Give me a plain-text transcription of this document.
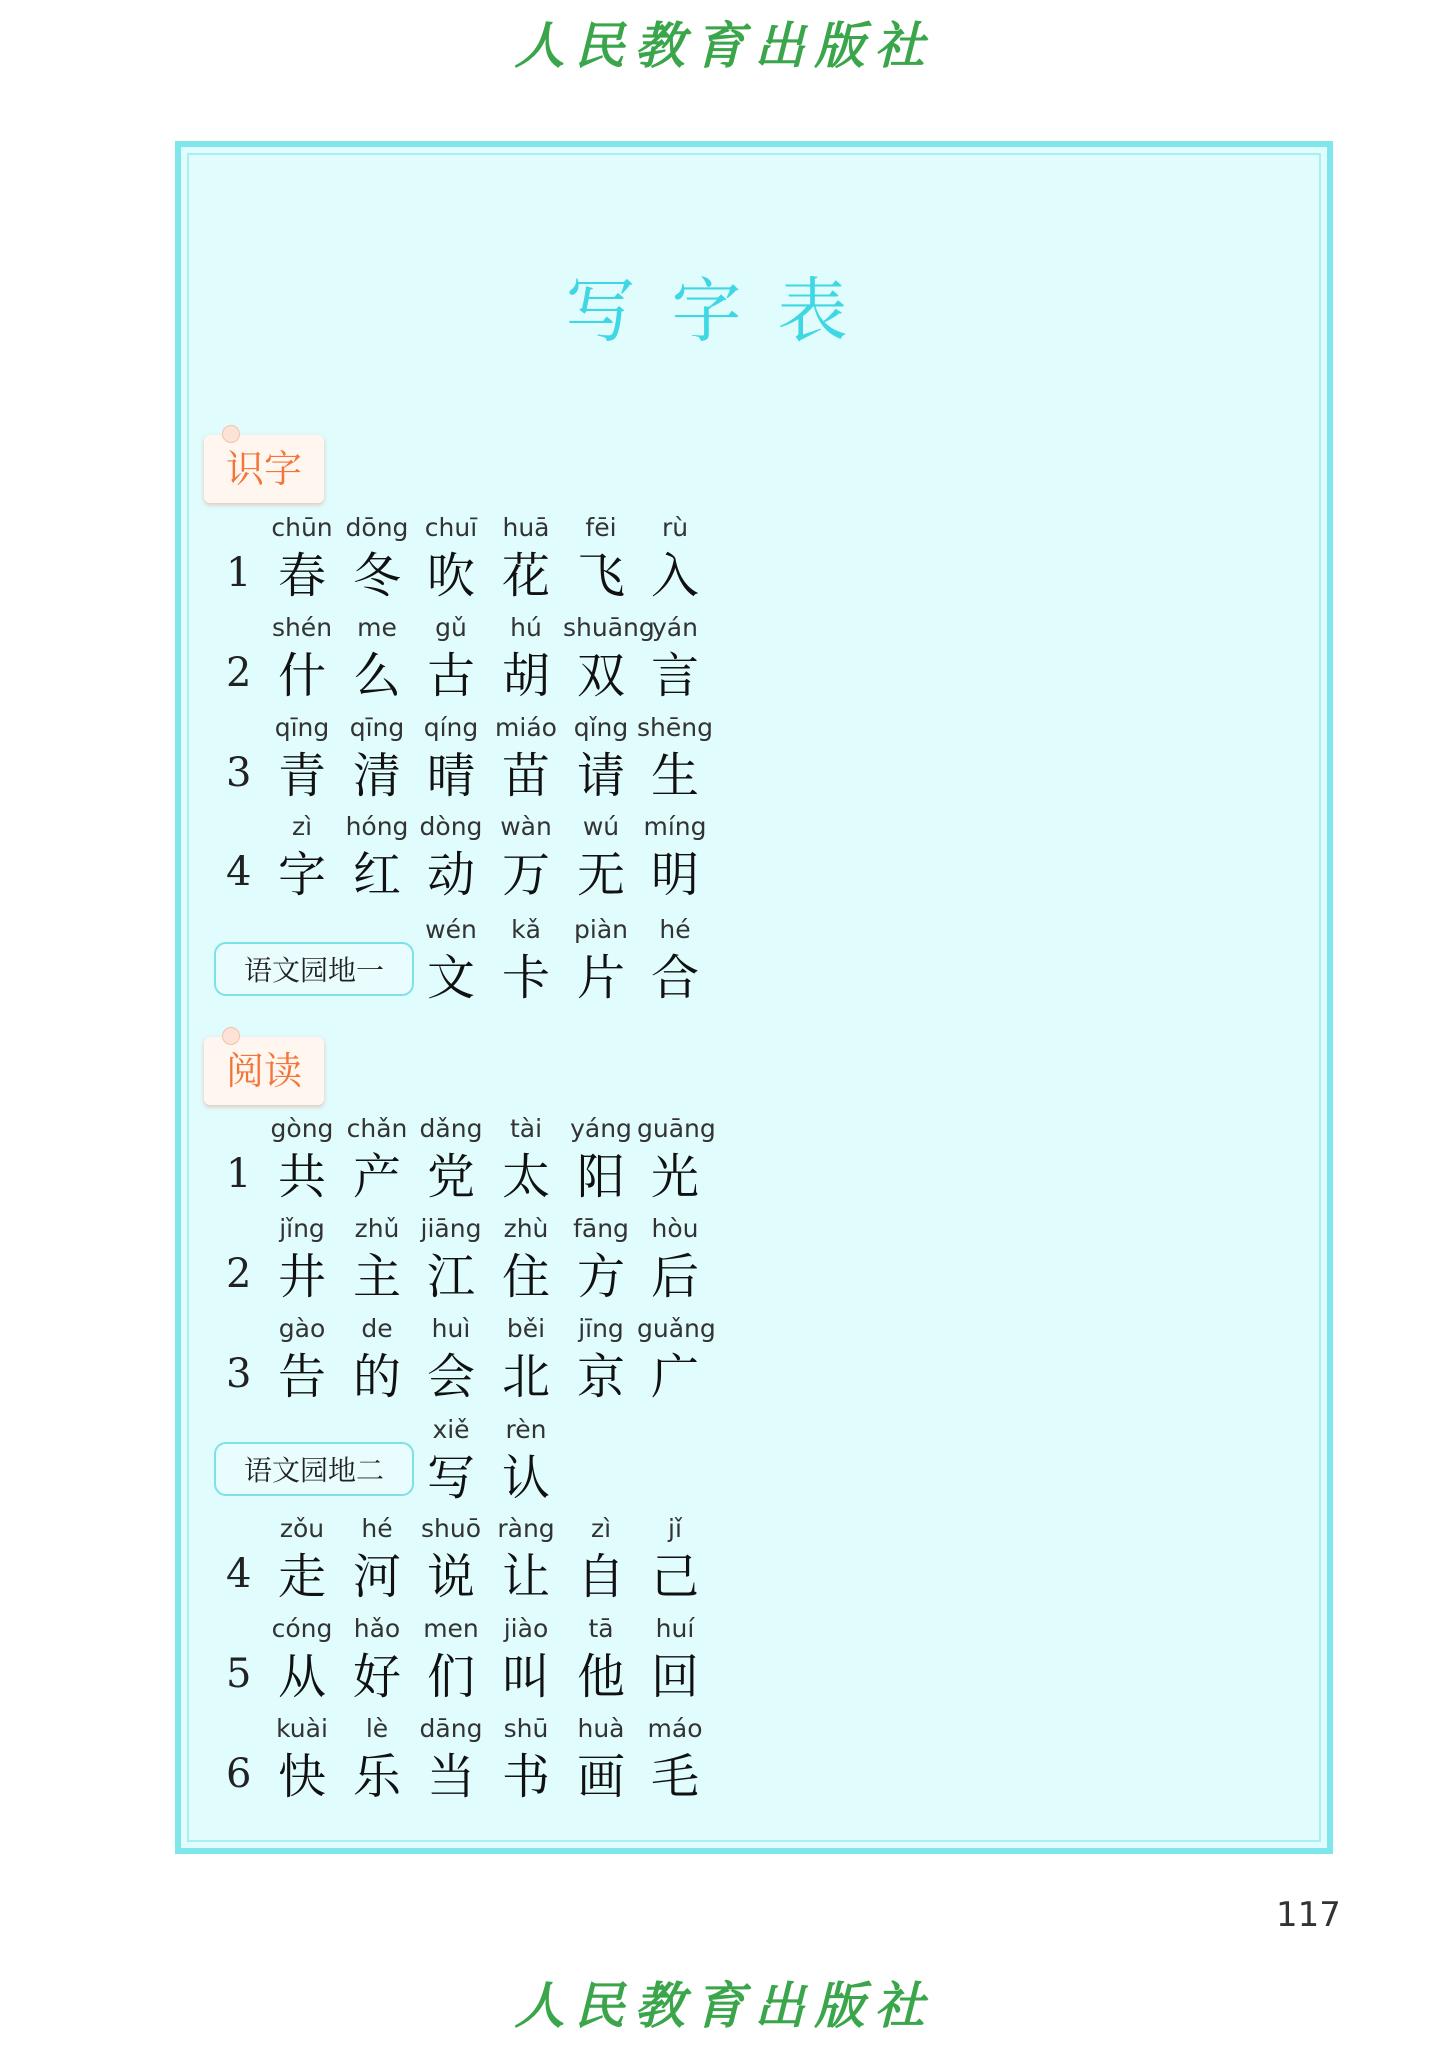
人民教育出版社
写字表
识字
1
chūn
春
dōng
冬
chuī
吹
huā
花
fēi
飞
rù
入
2
shén
什
me
么
gǔ
古
hú
胡
shuāng
双
yán
言
3
qīng
青
qīng
清
qíng
晴
miáo
苗
qǐng
请
shēng
生
4
zì
字
hóng
红
dòng
动
wàn
万
wú
无
míng
明
语文园地一
wén
文
kǎ
卡
piàn
片
hé
合
阅读
1
gòng
共
chǎn
产
dǎng
党
tài
太
yáng
阳
guāng
光
2
jǐng
井
zhǔ
主
jiāng
江
zhù
住
fāng
方
hòu
后
3
gào
告
de
的
huì
会
běi
北
jīng
京
guǎng
广
语文园地二
xiě
写
rèn
认
4
zǒu
走
hé
河
shuō
说
ràng
让
zì
自
jǐ
己
5
cóng
从
hǎo
好
men
们
jiào
叫
tā
他
huí
回
6
kuài
快
lè
乐
dāng
当
shū
书
huà
画
máo
毛
117
人民教育出版社
